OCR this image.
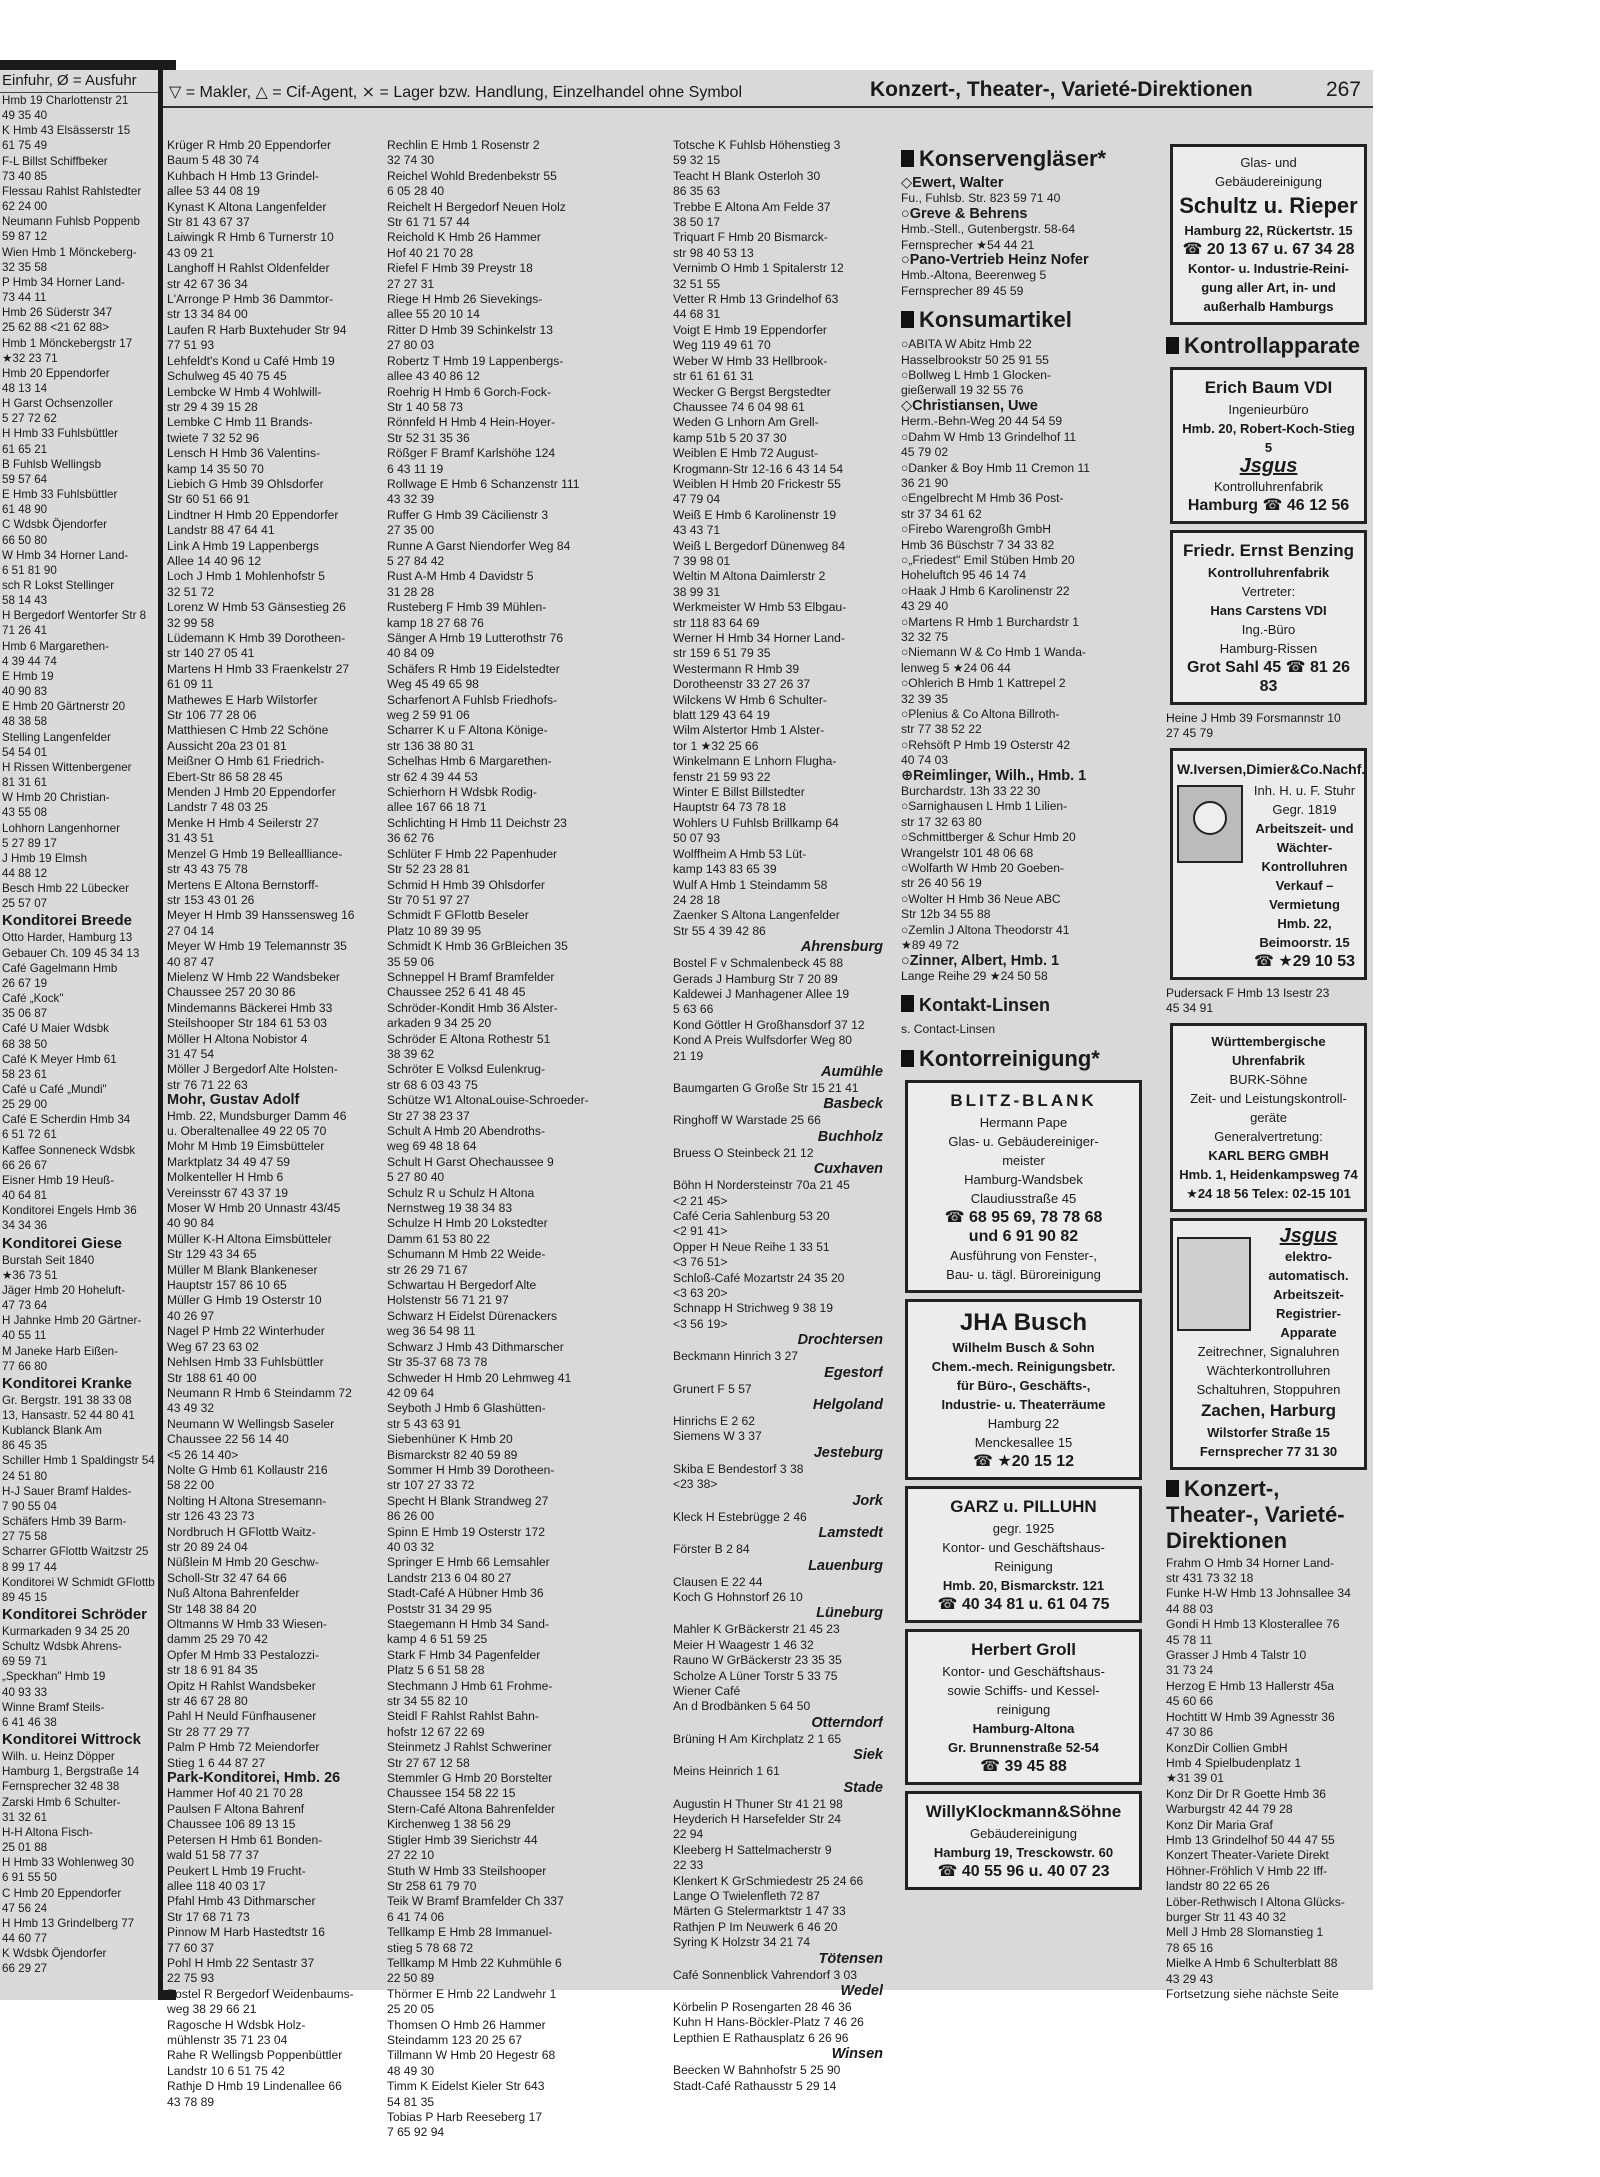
Einfuhr, Ø = Ausfuhr
Hmb 19 Charlottenstr 21
49 35 40
K Hmb 43 Elsässerstr 15
61 75 49
F-L Billst Schiffbeker
73 40 85
Flessau Rahlst Rahlstedter
62 24 00
Neumann Fuhlsb Poppenb
59 87 12
Wien Hmb 1 Mönckeberg-
32 35 58
P Hmb 34 Horner Land-
73 44 11
Hmb 26 Süderstr 347
25 62 88 <21 62 88>
Hmb 1 Mönckebergstr 17
★32 23 71
Hmb 20 Eppendorfer
48 13 14
H Garst Ochsenzoller
5 27 72 62
H Hmb 33 Fuhlsbüttler
61 65 21
B Fuhlsb Wellingsb
59 57 64
E Hmb 33 Fuhlsbüttler
61 48 90
C Wdsbk Öjendorfer
66 50 80
W Hmb 34 Horner Land-
6 51 81 90
sch R Lokst Stellinger
58 14 43
H Bergedorf Wentorfer Str 8
71 26 41
Hmb 6 Margarethen-
4 39 44 74
E Hmb 19
40 90 83
E Hmb 20 Gärtnerstr 20
48 38 58
Stelling Langenfelder
54 54 01
H Rissen Wittenbergener
81 31 61
W Hmb 20 Christian-
43 55 08
Lohhorn Langenhorner
5 27 89 17
J Hmb 19 Elmsh
44 88 12
Besch Hmb 22 Lübecker
25 57 07
Konditorei Breede
Otto Harder, Hamburg 13
Gebauer Ch. 109 45 34 13
Café Gagelmann Hmb
26 67 19
Café „Kock"
35 06 87
Café U Maier Wdsbk
68 38 50
Café K Meyer Hmb 61
58 23 61
Café u Café „Mundi"
25 29 00
Café E Scherdin Hmb 34
6 51 72 61
Kaffee Sonneneck Wdsbk
66 26 67
Eisner Hmb 19 Heuß-
40 64 81
Konditorei Engels Hmb 36
34 34 36
Konditorei Giese
Burstah Seit 1840
★36 73 51
Jäger Hmb 20 Hoheluft-
47 73 64
H Jahnke Hmb 20 Gärtner-
40 55 11
M Janeke Harb Eißen-
77 66 80
Konditorei Kranke
Gr. Bergstr. 191 38 33 08
13, Hansastr. 52 44 80 41
Kublanck Blank Am
86 45 35
Schiller Hmb 1 Spaldingstr 54
24 51 80
H-J Sauer Bramf Haldes-
7 90 55 04
Schäfers Hmb 39 Barm-
27 75 58
Scharrer GFlottb Waitzstr 25
8 99 17 44
Konditorei W Schmidt GFlottb
89 45 15
Konditorei Schröder
Kurmarkaden 9 34 25 20
Schultz Wdsbk Ahrens-
69 59 71
„Speckhan" Hmb 19
40 93 33
Winne Bramf Steils-
6 41 46 38
Konditorei Wittrock
Wilh. u. Heinz Döpper
Hamburg 1, Bergstraße 14
Fernsprecher 32 48 38
Zarski Hmb 6 Schulter-
31 32 61
H-H Altona Fisch-
25 01 88
H Hmb 33 Wohlenweg 30
6 91 55 50
C Hmb 20 Eppendorfer
47 56 24
H Hmb 13 Grindelberg 77
44 60 77
K Wdsbk Öjendorfer
66 29 27
▽ = Makler, △ = Cif-Agent, ⨯ = Lager bzw. Handlung, Einzelhandel ohne Symbol	Konzert-, Theater-, Varieté-Direktionen	267
Krüger R Hmb 20 Eppendorfer
Baum 5 48 30 74
Kuhbach H Hmb 13 Grindel-
allee 53 44 08 19
Kynast K Altona Langenfelder
Str 81 43 67 37
Laiwingk R Hmb 6 Turnerstr 10
43 09 21
Langhoff H Rahlst Oldenfelder
str 42 67 36 34
L'Arronge P Hmb 36 Dammtor-
str 13 34 84 00
Laufen R Harb Buxtehuder Str 94
77 51 93
Lehfeldt's Kond u Café Hmb 19
Schulweg 45 40 75 45
Lembcke W Hmb 4 Wohlwill-
str 29 4 39 15 28
Lembke C Hmb 11 Brands-
twiete 7 32 52 96
Lensch H Hmb 36 Valentins-
kamp 14 35 50 70
Liebich G Hmb 39 Ohlsdorfer
Str 60 51 66 91
Lindtner H Hmb 20 Eppendorfer
Landstr 88 47 64 41
Link A Hmb 19 Lappenbergs
Allee 14 40 96 12
Loch J Hmb 1 Mohlenhofstr 5
32 51 72
Lorenz W Hmb 53 Gänsestieg 26
32 99 58
Lüdemann K Hmb 39 Dorotheen-
str 140 27 05 41
Martens H Hmb 33 Fraenkelstr 27
61 09 11
Mathewes E Harb Wilstorfer
Str 106 77 28 06
Matthiesen C Hmb 22 Schöne
Aussicht 20a 23 01 81
Meißner O Hmb 61 Friedrich-
Ebert-Str 86 58 28 45
Menden J Hmb 20 Eppendorfer
Landstr 7 48 03 25
Menke H Hmb 4 Seilerstr 27
31 43 51
Menzel G Hmb 19 Belleallliance-
str 43 43 75 78
Mertens E Altona Bernstorff-
str 153 43 01 26
Meyer H Hmb 39 Hanssensweg 16
27 04 14
Meyer W Hmb 19 Telemannstr 35
40 87 47
Mielenz W Hmb 22 Wandsbeker
Chaussee 257 20 30 86
Mindemanns Bäckerei Hmb 33
Steilshooper Str 184 61 53 03
Möller H Altona Nobistor 4
31 47 54
Möller J Bergedorf Alte Holsten-
str 76 71 22 63
Mohr, Gustav Adolf
Hmb. 22, Mundsburger Damm 46
u. Oberaltenallee 49 22 05 70
Mohr M Hmb 19 Eimsbütteler
Marktplatz 34 49 47 59
Molkenteller H Hmb 6
Vereinsstr 67 43 37 19
Moser W Hmb 20 Unnastr 43/45
40 90 84
Müller K-H Altona Eimsbütteler
Str 129 43 34 65
Müller M Blank Blankeneser
Hauptstr 157 86 10 65
Müller G Hmb 19 Osterstr 10
40 26 97
Nagel P Hmb 22 Winterhuder
Weg 67 23 63 02
Nehlsen Hmb 33 Fuhlsbüttler
Str 188 61 40 00
Neumann R Hmb 6 Steindamm 72
43 49 32
Neumann W Wellingsb Saseler
Chaussee 22 56 14 40
<5 26 14 40>
Nolte G Hmb 61 Kollaustr 216
58 22 00
Nolting H Altona Stresemann-
str 126 43 23 73
Nordbruch H GFlottb Waitz-
str 20 89 24 04
Nüßlein M Hmb 20 Geschw-
Scholl-Str 32 47 64 66
Nuß Altona Bahrenfelder
Str 148 38 84 20
Oltmanns W Hmb 33 Wiesen-
damm 25 29 70 42
Opfer M Hmb 33 Pestalozzi-
str 18 6 91 84 35
Opitz H Rahlst Wandsbeker
str 46 67 28 80
Pahl H Neuld Fünfhausener
Str 28 77 29 77
Palm P Hmb 72 Meiendorfer
Stieg 1 6 44 87 27
Park-Konditorei, Hmb. 26
Hammer Hof 40 21 70 28
Paulsen F Altona Bahrenf
Chaussee 106 89 13 15
Petersen H Hmb 61 Bonden-
wald 51 58 77 37
Peukert L Hmb 19 Frucht-
allee 118 40 03 17
Pfahl Hmb 43 Dithmarscher
Str 17 68 71 73
Pinnow M Harb Hastedtstr 16
77 60 37
Pohl H Hmb 22 Sentastr 37
22 75 93
Postel R Bergedorf Weidenbaums-
weg 38 29 66 21
Ragosche H Wdsbk Holz-
mühlenstr 35 71 23 04
Rahe R Wellingsb Poppenbüttler
Landstr 10 6 51 75 42
Rathje D Hmb 19 Lindenallee 66
43 78 89
Rechlin E Hmb 1 Rosenstr 2
32 74 30
Reichel Wohld Bredenbekstr 55
6 05 28 40
Reichelt H Bergedorf Neuen Holz
Str 61 71 57 44
Reichold K Hmb 26 Hammer
Hof 40 21 70 28
Riefel F Hmb 39 Preystr 18
27 27 31
Riege H Hmb 26 Sievekings-
allee 55 20 10 14
Ritter D Hmb 39 Schinkelstr 13
27 80 03
Robertz T Hmb 19 Lappenbergs-
allee 43 40 86 12
Roehrig H Hmb 6 Gorch-Fock-
Str 1 40 58 73
Rönnfeld H Hmb 4 Hein-Hoyer-
Str 52 31 35 36
Rößger F Bramf Karlshöhe 124
6 43 11 19
Rollwage E Hmb 6 Schanzenstr 111
43 32 39
Ruffer G Hmb 39 Cäcilienstr 3
27 35 00
Runne A Garst Niendorfer Weg 84
5 27 84 42
Rust A-M Hmb 4 Davidstr 5
31 28 28
Rusteberg F Hmb 39 Mühlen-
kamp 18 27 68 76
Sänger A Hmb 19 Lutterothstr 76
40 84 09
Schäfers R Hmb 19 Eidelstedter
Weg 45 49 65 98
Scharfenort A Fuhlsb Friedhofs-
weg 2 59 91 06
Scharrer K u F Altona Könige-
str 136 38 80 31
Schelhas Hmb 6 Margarethen-
str 62 4 39 44 53
Schierhorn H Wdsbk Rodig-
allee 167 66 18 71
Schlichting H Hmb 11 Deichstr 23
36 62 76
Schlüter F Hmb 22 Papenhuder
Str 52 23 28 81
Schmid H Hmb 39 Ohlsdorfer
Str 70 51 97 27
Schmidt F GFlottb Beseler
Platz 10 89 39 95
Schmidt K Hmb 36 GrBleichen 35
35 59 06
Schneppel H Bramf Bramfelder
Chaussee 252 6 41 48 45
Schröder-Kondit Hmb 36 Alster-
arkaden 9 34 25 20
Schröder E Altona Rothestr 51
38 39 62
Schröter E Volksd Eulenkrug-
str 68 6 03 43 75
Schütze W1 AltonaLouise-Schroeder-
Str 27 38 23 37
Schult A Hmb 20 Abendroths-
weg 69 48 18 64
Schult H Garst Ohechaussee 9
5 27 80 40
Schulz R u Schulz H Altona
Nernstweg 19 38 34 83
Schulze H Hmb 20 Lokstedter
Damm 61 53 80 22
Schumann M Hmb 22 Weide-
str 26 29 71 67
Schwartau H Bergedorf Alte
Holstenstr 56 71 21 97
Schwarz H Eidelst Dürenackers
weg 36 54 98 11
Schwarz J Hmb 43 Dithmarscher
Str 35-37 68 73 78
Schweder H Hmb 20 Lehmweg 41
42 09 64
Seyboth J Hmb 6 Glashütten-
str 5 43 63 91
Siebenhüner K Hmb 20
Bismarckstr 82 40 59 89
Sommer H Hmb 39 Dorotheen-
str 107 27 33 72
Specht H Blank Strandweg 27
86 26 00
Spinn E Hmb 19 Osterstr 172
40 03 32
Springer E Hmb 66 Lemsahler
Landstr 213 6 04 80 27
Stadt-Café A Hübner Hmb 36
Poststr 31 34 29 95
Staegemann H Hmb 34 Sand-
kamp 4 6 51 59 25
Stark F Hmb 34 Pagenfelder
Platz 5 6 51 58 28
Stechmann J Hmb 61 Frohme-
str 34 55 82 10
Steidl F Rahlst Rahlst Bahn-
hofstr 12 67 22 69
Steinmetz J Rahlst Schweriner
Str 27 67 12 58
Stemmler G Hmb 20 Borstelter
Chaussee 154 58 22 15
Stern-Café Altona Bahrenfelder
Kirchenweg 1 38 56 29
Stigler Hmb 39 Sierichstr 44
27 22 10
Stuth W Hmb 33 Steilshooper
Str 258 61 79 70
Teik W Bramf Bramfelder Ch 337
6 41 74 06
Tellkamp E Hmb 28 Immanuel-
stieg 5 78 68 72
Tellkamp M Hmb 22 Kuhmühle 6
22 50 89
Thörmer E Hmb 22 Landwehr 1
25 20 05
Thomsen O Hmb 26 Hammer
Steindamm 123 20 25 67
Tillmann W Hmb 20 Hegestr 68
48 49 30
Timm K Eidelst Kieler Str 643
54 81 35
Tobias P Harb Reeseberg 17
7 65 92 94
Totsche K Fuhlsb Höhenstieg 3
59 32 15
Teacht H Blank Osterloh 30
86 35 63
Trebbe E Altona Am Felde 37
38 50 17
Triquart F Hmb 20 Bismarck-
str 98 40 53 13
Vernimb O Hmb 1 Spitalerstr 12
32 51 55
Vetter R Hmb 13 Grindelhof 63
44 68 31
Voigt E Hmb 19 Eppendorfer
Weg 119 49 61 70
Weber W Hmb 33 Hellbrook-
str 61 61 61 31
Wecker G Bergst Bergstedter
Chaussee 74 6 04 98 61
Weden G Lnhorn Am Grell-
kamp 51b 5 20 37 30
Weiblen E Hmb 72 August-
Krogmann-Str 12-16 6 43 14 54
Weiblen H Hmb 20 Frickestr 55
47 79 04
Weiß E Hmb 6 Karolinenstr 19
43 43 71
Weiß L Bergedorf Dünenweg 84
7 39 98 01
Weltin M Altona Daimlerstr 2
38 99 31
Werkmeister W Hmb 53 Elbgau-
str 118 83 64 69
Werner H Hmb 34 Horner Land-
str 159 6 51 79 35
Westermann R Hmb 39
Dorotheenstr 33 27 26 37
Wilckens W Hmb 6 Schulter-
blatt 129 43 64 19
Wilm Alstertor Hmb 1 Alster-
tor 1 ★32 25 66
Winkelmann E Lnhorn Flugha-
fenstr 21 59 93 22
Winter E Billst Billstedter
Hauptstr 64 73 78 18
Wohlers U Fuhlsb Brillkamp 64
50 07 93
Wolffheim A Hmb 53 Lüt-
kamp 143 83 65 39
Wulf A Hmb 1 Steindamm 58
24 28 18
Zaenker S Altona Langenfelder
Str 55 4 39 42 86
Ahrensburg
Bostel F v Schmalenbeck 45 88
Gerads J Hamburg Str 7 20 89
Kaldewei J Manhagener Allee 19
5 63 66
Kond Göttler H Großhansdorf 37 12
Kond A Preis Wulfsdorfer Weg 80
21 19
Aumühle
Baumgarten G Große Str 15 21 41
Basbeck
Ringhoff W Warstade 25 66
Buchholz
Bruess O Steinbeck 21 12
Cuxhaven
Böhn H Nordersteinstr 70a 21 45
<2 21 45>
Café Ceria Sahlenburg 53 20
<2 91 41>
Opper H Neue Reihe 1 33 51
<3 76 51>
Schloß-Café Mozartstr 24 35 20
<3 63 20>
Schnapp H Strichweg 9 38 19
<3 56 19>
Drochtersen
Beckmann Hinrich 3 27
Egestorf
Grunert F 5 57
Helgoland
Hinrichs E 2 62
Siemens W 3 37
Jesteburg
Skiba E Bendestorf 3 38
<23 38>
Jork
Kleck H Estebrügge 2 46
Lamstedt
Förster B 2 84
Lauenburg
Clausen E 22 44
Koch G Hohnstorf 26 10
Lüneburg
Mahler K GrBäckerstr 21 45 23
Meier H Waagestr 1 46 32
Rauno W GrBäckerstr 23 35 35
Scholze A Lüner Torstr 5 33 75
Wiener Café
An d Brodbänken 5 64 50
Otterndorf
Brüning H Am Kirchplatz 2 1 65
Siek
Meins Heinrich 1 61
Stade
Augustin H Thuner Str 41 21 98
Heyderich H Harsefelder Str 24
22 94
Kleeberg H Sattelmacherstr 9
22 33
Klenkert K GrSchmiedestr 25 24 66
Lange O Twielenfleth 72 87
Märten G Stelermarktstr 1 47 33
Rathjen P Im Neuwerk 6 46 20
Syring K Holzstr 34 21 74
Tötensen
Café Sonnenblick Vahrendorf 3 03
Wedel
Körbelin P Rosengarten 28 46 36
Kuhn H Hans-Böckler-Platz 7 46 26
Lepthien E Rathausplatz 6 26 96
Winsen
Beecken W Bahnhofstr 5 25 90
Stadt-Café Rathausstr 5 29 14
Konservengläser*
◇Ewert, Walter
Fu., Fuhlsb. Str. 823 59 71 40
○Greve & Behrens
Hmb.-Stell., Gutenbergstr. 58-64
Fernsprecher ★54 44 21
○Pano-Vertrieb Heinz Nofer
Hmb.-Altona, Beerenweg 5
Fernsprecher 89 45 59
Konsumartikel
○ABITA W Abitz Hmb 22
Hasselbrookstr 50 25 91 55
○Bollweg L Hmb 1 Glocken-
gießerwall 19 32 55 76
◇Christiansen, Uwe
Herm.-Behn-Weg 20 44 54 59
○Dahm W Hmb 13 Grindelhof 11
45 79 02
○Danker & Boy Hmb 11 Cremon 11
36 21 90
○Engelbrecht M Hmb 36 Post-
str 37 34 61 62
○Firebo Warengroßh GmbH
Hmb 36 Büschstr 7 34 33 82
○„Friedest" Emil Stüben Hmb 20
Hoheluftch 95 46 14 74
○Haak J Hmb 6 Karolinenstr 22
43 29 40
○Martens R Hmb 1 Burchardstr 1
32 32 75
○Niemann W & Co Hmb 1 Wanda-
lenweg 5 ★24 06 44
○Ohlerich B Hmb 1 Kattrepel 2
32 39 35
○Plenius & Co Altona Billroth-
str 77 38 52 22
○Rehsöft P Hmb 19 Osterstr 42
40 74 03
⊕Reimlinger, Wilh., Hmb. 1
Burchardstr. 13h 33 22 30
○Sarnighausen L Hmb 1 Lilien-
str 17 32 63 80
○Schmittberger & Schur Hmb 20
Wrangelstr 101 48 06 68
○Wolfarth W Hmb 20 Goeben-
str 26 40 56 19
○Wolter H Hmb 36 Neue ABC
Str 12b 34 55 88
○Zemlin J Altona Theodorstr 41
★89 49 72
○Zinner, Albert, Hmb. 1
Lange Reihe 29 ★24 50 58
Kontakt-Linsen
s. Contact-Linsen
Kontorreinigung*
BLITZ-BLANK
Hermann Pape
Glas- u. Gebäudereiniger-
meister
Hamburg-Wandsbek
Claudiusstraße 45
☎ 68 95 69, 78 78 68
und 6 91 90 82
Ausführung von Fenster-,
Bau- u. tägl. Büroreinigung
JHA Busch
Wilhelm Busch & Sohn
Chem.-mech. Reinigungsbetr.
für Büro-, Geschäfts-,
Industrie- u. Theaterräume
Hamburg 22
Menckesallee 15
☎ ★20 15 12
GARZ u. PILLUHN
gegr. 1925
Kontor- und Geschäftshaus-
Reinigung
Hmb. 20, Bismarckstr. 121
☎ 40 34 81 u. 61 04 75
Herbert Groll
Kontor- und Geschäftshaus-
sowie Schiffs- und Kessel-
reinigung
Hamburg-Altona
Gr. Brunnenstraße 52-54
☎ 39 45 88
WillyKlockmann&Söhne
Gebäudereinigung
Hamburg 19, Tresckowstr. 60
☎ 40 55 96 u. 40 07 23
Glas- und
Gebäudereinigung
Schultz u. Rieper
Hamburg 22, Rückertstr. 15
☎ 20 13 67 u. 67 34 28
Kontor- u. Industrie-Reini-
gung aller Art, in- und
außerhalb Hamburgs
Kontrollapparate
Erich Baum VDI
Ingenieurbüro
Hmb. 20, Robert-Koch-Stieg 5
Jsgus
Kontrolluhrenfabrik
Hamburg ☎ 46 12 56
Friedr. Ernst Benzing
Kontrolluhrenfabrik
Vertreter:
Hans Carstens VDI
Ing.-Büro
Hamburg-Rissen
Grot Sahl 45 ☎ 81 26 83
Heine J Hmb 39 Forsmannstr 10
27 45 79
W.Iversen,Dimier&Co.Nachf.
Inh. H. u. F. Stuhr
Gegr. 1819
Arbeitszeit- und
Wächter-Kontrolluhren
Verkauf – Vermietung
Hmb. 22, Beimoorstr. 15
☎ ★29 10 53
Pudersack F Hmb 13 Isestr 23
45 34 91
Württembergische Uhrenfabrik
BURK-Söhne
Zeit- und Leistungskontroll-
geräte
Generalvertretung:
KARL BERG GMBH
Hmb. 1, Heidenkampsweg 74
★24 18 56 Telex: 02-15 101
Jsgus
elektro-automatisch.
Arbeitszeit-
Registrier-Apparate
Zeitrechner, Signaluhren
Wächterkontrolluhren
Schaltuhren, Stoppuhren
Zachen, Harburg
Wilstorfer Straße 15
Fernsprecher 77 31 30
Konzert-, Theater-, Varieté-Direktionen
Frahm O Hmb 34 Horner Land-
str 431 73 32 18
Funke H-W Hmb 13 Johnsallee 34
44 88 03
Gondi H Hmb 13 Klosterallee 76
45 78 11
Grasser J Hmb 4 Talstr 10
31 73 24
Herzog E Hmb 13 Hallerstr 45a
45 60 66
Hochtitt W Hmb 39 Agnesstr 36
47 30 86
KonzDir Collien GmbH
Hmb 4 Spielbudenplatz 1
★31 39 01
Konz Dir Dr R Goette Hmb 36
Warburgstr 42 44 79 28
Konz Dir Maria Graf
Hmb 13 Grindelhof 50 44 47 55
Konzert Theater-Variete Direkt
Höhner-Fröhlich V Hmb 22 Iff-
landstr 80 22 65 26
Löber-Rethwisch I Altona Glücks-
burger Str 11 43 40 32
Mell J Hmb 28 Slomanstieg 1
78 65 16
Mielke A Hmb 6 Schulterblatt 88
43 29 43
Fortsetzung siehe nächste Seite
